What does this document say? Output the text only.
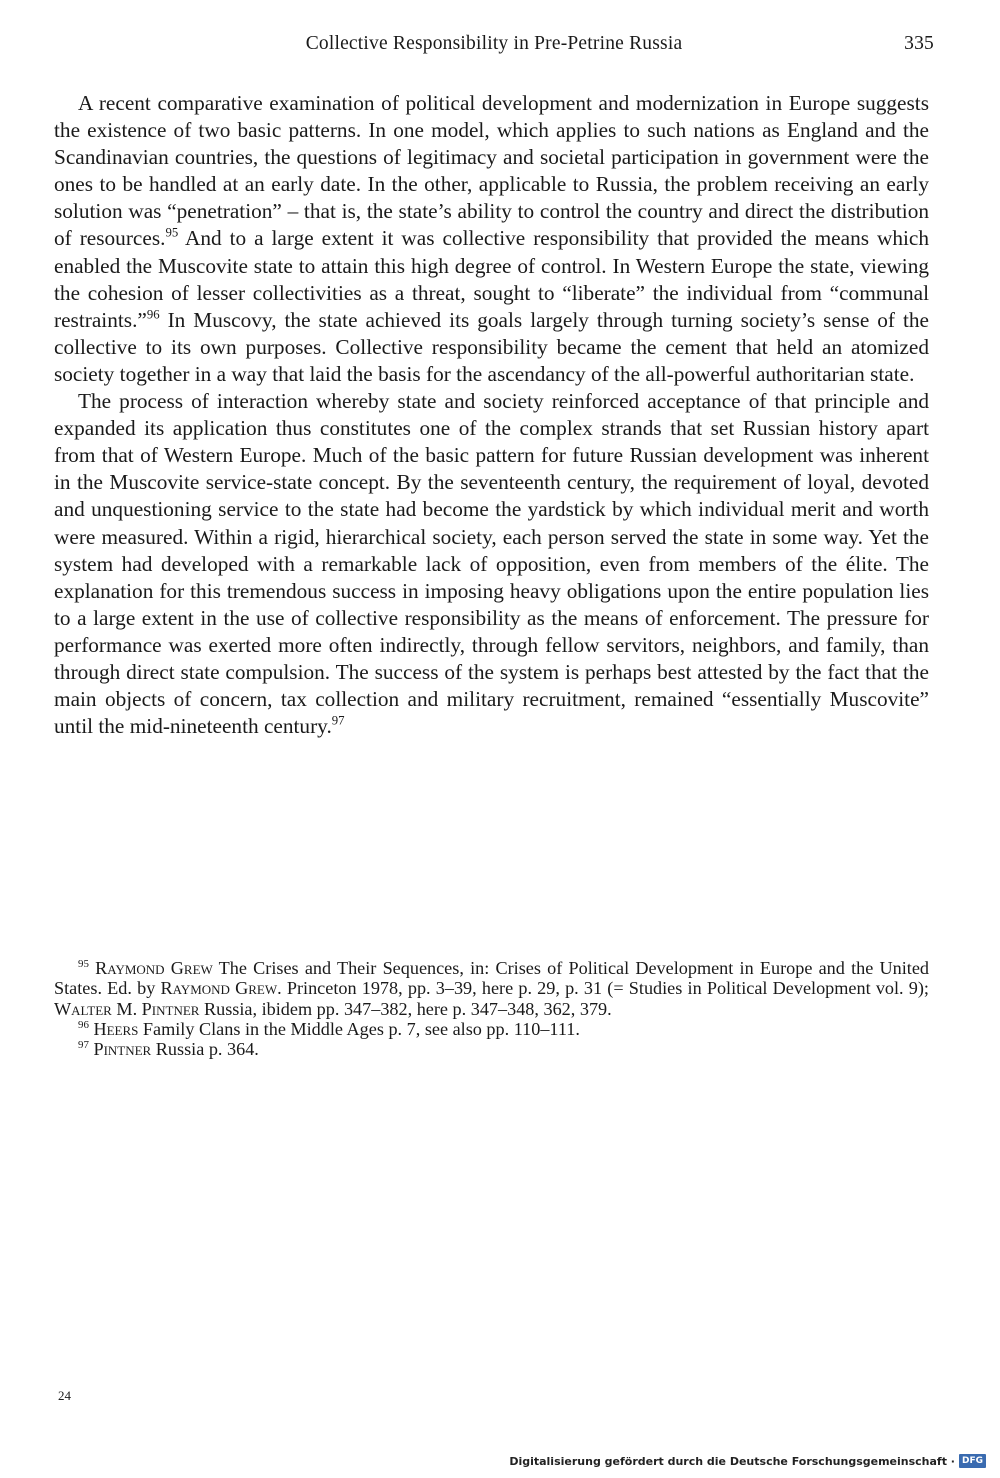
Collective Responsibility in Pre-Petrine Russia	335

A recent comparative examination of political development and modernization in Europe suggests the existence of two basic patterns. In one model, which applies to such nations as England and the Scandinavian countries, the questions of legitimacy and societal participation in government were the ones to be handled at an early date. In the other, applicable to Russia, the problem receiving an early solution was “penetration” – that is, the state’s ability to control the country and direct the distribution of resources.$^{95}$ And to a large extent it was collective responsibility that provided the means which enabled the Muscovite state to attain this high degree of control. In Western Europe the state, viewing the cohesion of lesser collectivities as a threat, sought to “liberate” the individual from “communal restraints.”$^{96}$ In Muscovy, the state achieved its goals largely through turning society’s sense of the collective to its own purposes. Collective responsibility became the cement that held an atomized society together in a way that laid the basis for the ascendancy of the all-powerful authoritarian state.

The process of interaction whereby state and society reinforced acceptance of that principle and expanded its application thus constitutes one of the complex strands that set Russian history apart from that of Western Europe. Much of the basic pattern for future Russian development was inherent in the Muscovite service-state concept. By the seventeenth century, the requirement of loyal, devoted and unquestioning service to the state had become the yardstick by which individual merit and worth were measured. Within a rigid, hierarchical society, each person served the state in some way. Yet the system had developed with a remarkable lack of opposition, even from members of the élite. The explanation for this tremendous success in imposing heavy obligations upon the entire population lies to a large extent in the use of collective responsibility as the means of enforcement. The pressure for performance was exerted more often indirectly, through fellow servitors, neighbors, and family, than through direct state compulsion. The success of the system is perhaps best attested by the fact that the main objects of concern, tax collection and military recruitment, remained “essentially Muscovite” until the mid-nineteenth century.$^{97}$

$^{95}$ Raymond Grew The Crises and Their Sequences, in: Crises of Political Development in Europe and the United States. Ed. by Raymond Grew. Princeton 1978, pp. 3–39, here p. 29, p. 31 (= Studies in Political Development vol. 9); Walter M. Pintner Russia, ibidem pp. 347–382, here p. 347–348, 362, 379.

$^{96}$ Heers Family Clans in the Middle Ages p. 7, see also pp. 110–111.

$^{97}$ Pintner Russia p. 364.

24
Digitalisierung gefördert durch die Deutsche Forschungsgemeinschaft · DFG
